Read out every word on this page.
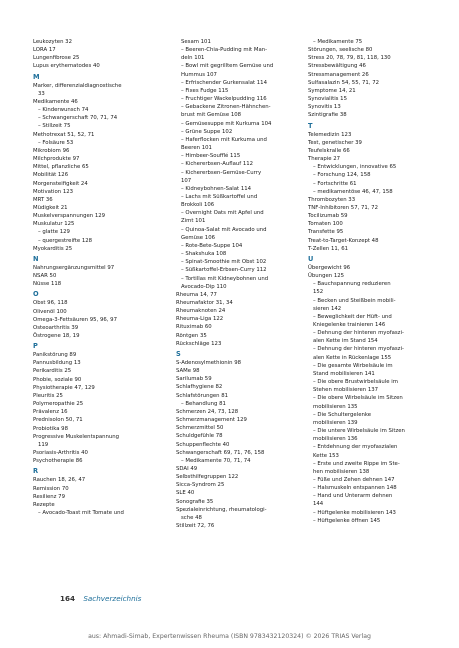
Leukozyten 32
LORA 17
Lungenfibrose 25
Lupus erythematodes 40
M
Marker, differenzialdiagnostische
33
Medikamente 46
– Kinderwunsch 74
– Schwangerschaft 70, 71, 74
– Stillzeit 75
Methotrexat 51, 52, 71
– Folsäure 53
Mikrobiom 96
Milchprodukte 97
Mittel, pflanzliche 65
Mobilität 126
Morgensteifigkeit 24
Motivation 123
MRT 36
Müdigkeit 21
Muskelverspannungen 129
Muskulatur 125
– glatte 129
– quergestreifte 128
Myokarditis 25
N
Nahrungsergänzungsmittel 97
NSAR 50
Nüsse 118
O
Obst 96, 118
Olivenöl 100
Omega-3-Fettsäuren 95, 96, 97
Osteoarthritis 39
Östrogene 18, 19
P
Panikstörung 89
Pannusbildung 13
Perikarditis 25
Phobie, soziale 90
Physiotherapie 47, 129
Pleuritis 25
Polymeropathie 25
Prävalenz 16
Prednisolon 50, 71
Probiotika 98
Progressive Muskelentspannung
119
Psoriasis-Arthritis 40
Psychotherapie 86
R
Rauchen 18, 26, 47
Remission 70
Resilienz 79
Rezepte
– Avocado-Toast mit Tomate und
Sesam 101
– Beeren-Chia-Pudding mit Man-
deln 101
– Bowl mit gegrilltem Gemüse und
Hummus 107
– Erfrischender Gurkensalat 114
– Fixes Fudge 115
– Fruchtiger Wackelpudding 116
– Gebackene Zitronen-Hähnchen-
brust mit Gemüse 108
– Gemüsesuppe mit Kurkuma 104
– Grüne Suppe 102
– Haferflocken mit Kurkuma und
Beeren 101
– Himbeer-Soufflé 115
– Kichererbsen-Auflauf 112
– Kichererbsen-Gemüse-Curry
107
– Kidneybohnen-Salat 114
– Lachs mit Süßkartoffel und
Brokkoli 106
– Overnight Oats mit Apfel und
Zimt 101
– Quinoa-Salat mit Avocado und
Gemüse 106
– Rote-Bete-Suppe 104
– Shakshuka 108
– Spinat-Smoothie mit Obst 102
– Süßkartoffel-Erbsen-Curry 112
– Tortillas mit Kidneybohnen und
Avocado-Dip 110
Rheuma 14, 77
Rheumafaktor 31, 34
Rheumaknoten 24
Rheuma-Liga 122
Rituximab 60
Röntgen 35
Rückschläge 123
S
S-Adenosylmethionin 98
SAMe 98
Sarilumab 59
Schlafhygiene 82
Schlafstörungen 81
– Behandlung 81
Schmerzen 24, 73, 128
Schmerzmanagement 129
Schmerzmittel 50
Schuldgefühle 78
Schuppenflechte 40
Schwangerschaft 69, 71, 76, 158
– Medikamente 70, 71, 74
SDAI 49
Selbsthilfegruppen 122
Sicca-Syndrom 25
SLE 40
Sonografie 35
Spezialeinrichtung, rheumatologi-
sche 48
Stillzeit 72, 76
– Medikamente 75
Störungen, seelische 80
Stress 20, 78, 79, 81, 118, 130
Stressbewältigung 46
Stressmanagement 26
Sulfasalazin 54, 55, 71, 72
Symptome 14, 21
Synovialitis 15
Synovitis 13
Szintigrafie 38
T
Telemedizin 123
Test, genetischer 39
Teufelskralle 66
Therapie 27
– Entwicklungen, innovative 65
– Forschung 124, 158
– Fortschritte 61
– medikamentöse 46, 47, 158
Thrombozyten 33
TNF-Inhibitoren 57, 71, 72
Tocilizumab 59
Tomaten 100
Transfette 95
Treat-to-Target-Konzept 48
T-Zellen 11, 61
U
Übergewicht 96
Übungen 125
– Bauchspannung reduzieren
152
– Becken und Steißbein mobili-
sieren 142
– Beweglichkeit der Hüft- und
Kniegelenke trainieren 146
– Dehnung der hinteren myofaszi-
alen Kette im Stand 154
– Dehnung der hinteren myofaszi-
alen Kette in Rückenlage 155
– Die gesamte Wirbelsäule im
Stand mobilisieren 141
– Die obere Brustwirbelsäule im
Stehen mobilisieren 137
– Die obere Wirbelsäule im Sitzen
mobilisieren 135
– Die Schultergelenke
mobilisieren 139
– Die untere Wirbelsäule im Sitzen
mobilisieren 136
– Entdehnung der myofaszialen
Kette 153
– Erste und zweite Rippe im Ste-
hen mobilisieren 138
– Füße und Zehen dehnen 147
– Halsmuskeln entspannen 148
– Hand und Unterarm dehnen
144
– Hüftgelenke mobilisieren 143
– Hüftgelenke öffnen 145
164 Sachverzeichnis
aus: Ahmadi-Simab, Expertenwissen Rheuma (ISBN 9783432120324) © 2026 TRIAS Verlag
